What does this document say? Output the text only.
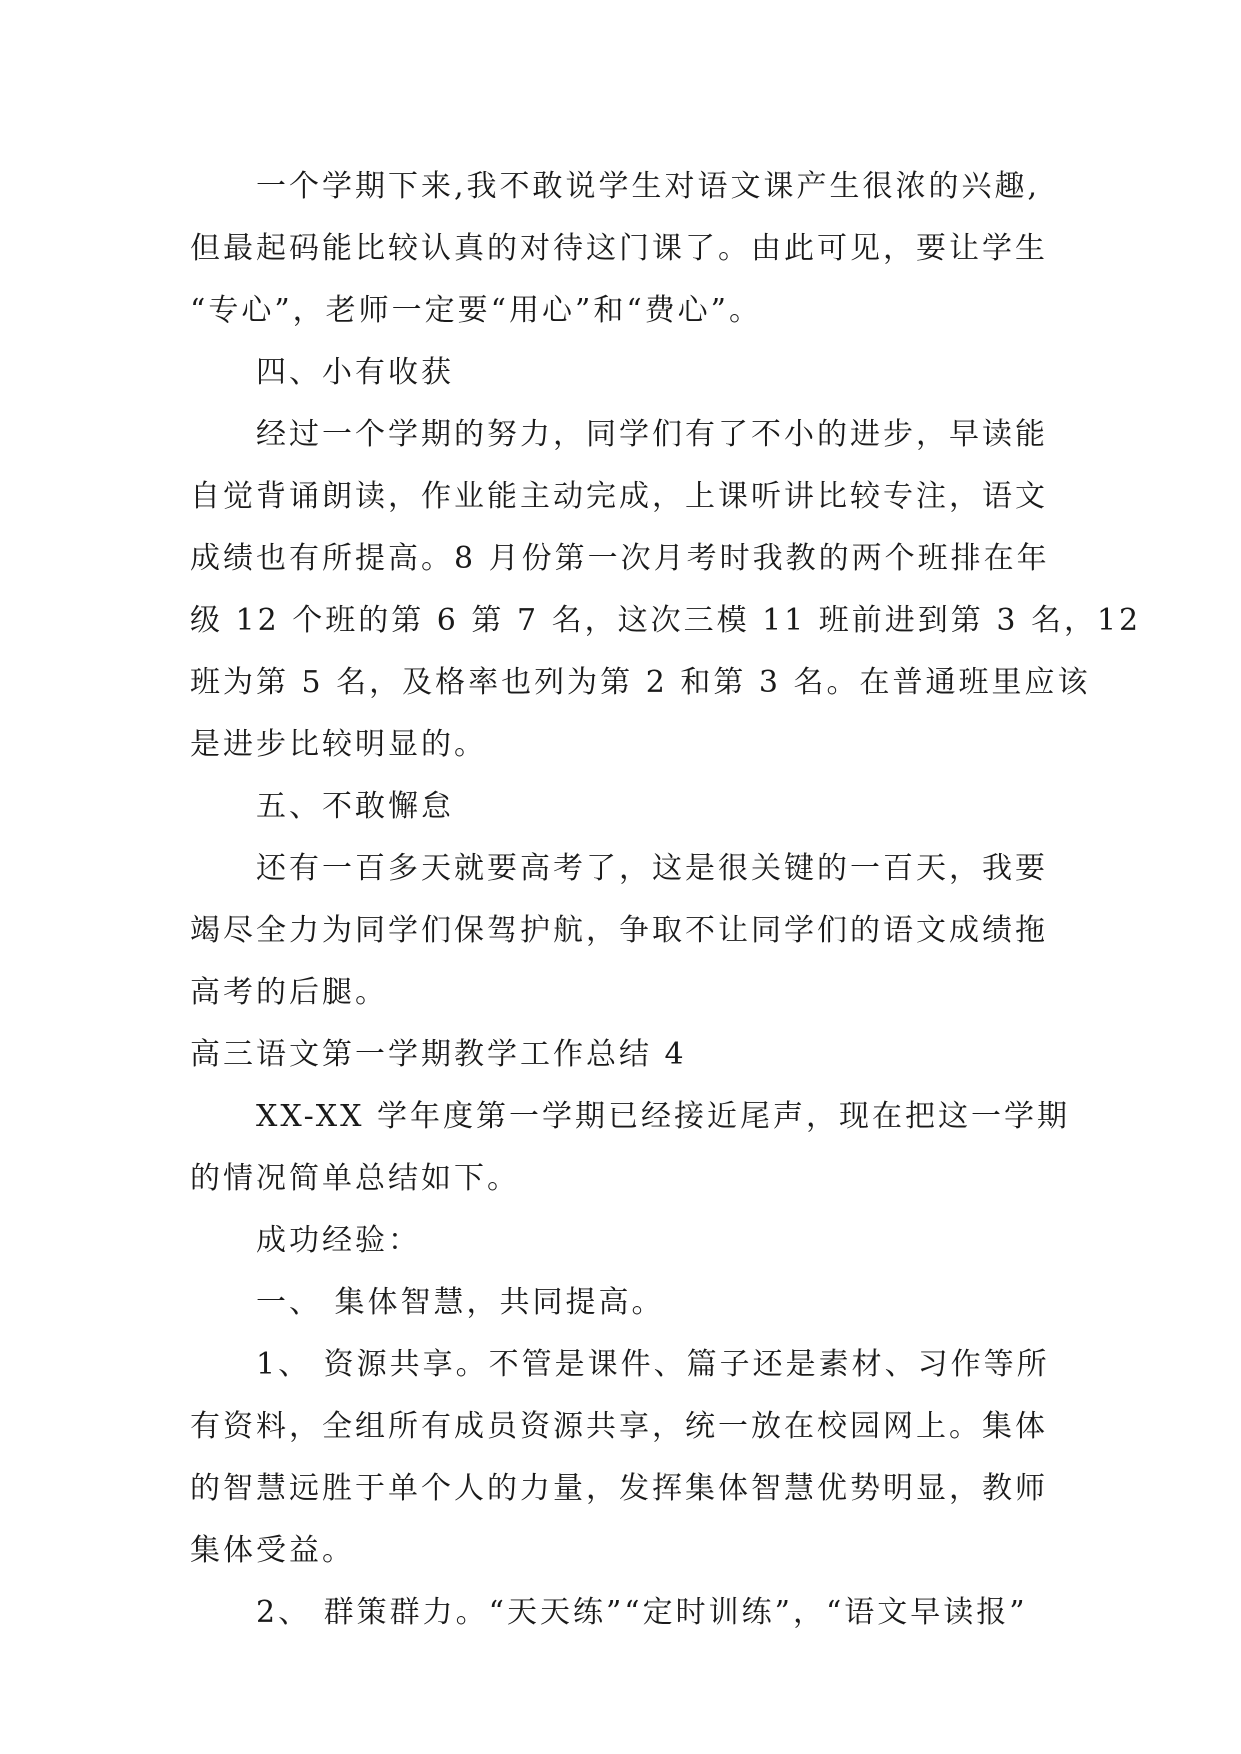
一个学期下来,我不敢说学生对语文课产生很浓的兴趣,
但最起码能比较认真的对待这门课了。由此可见，要让学生
“专心”，老师一定要“用心”和“费心”。
四、小有收获
经过一个学期的努力，同学们有了不小的进步，早读能
自觉背诵朗读，作业能主动完成，上课听讲比较专注，语文
成绩也有所提高。8 月份第一次月考时我教的两个班排在年
级 12 个班的第 6 第 7 名，这次三模 11 班前进到第 3 名，12
班为第 5 名，及格率也列为第 2 和第 3 名。在普通班里应该
是进步比较明显的。
五、不敢懈怠
还有一百多天就要高考了，这是很关键的一百天，我要
竭尽全力为同学们保驾护航，争取不让同学们的语文成绩拖
高考的后腿。
高三语文第一学期教学工作总结 4
XX-XX 学年度第一学期已经接近尾声，现在把这一学期
的情况简单总结如下。
成功经验：
一、 集体智慧，共同提高。
1、 资源共享。不管是课件、篇子还是素材、习作等所
有资料，全组所有成员资源共享，统一放在校园网上。集体
的智慧远胜于单个人的力量，发挥集体智慧优势明显，教师
集体受益。
2、 群策群力。“天天练”“定时训练”，“语文早读报”
